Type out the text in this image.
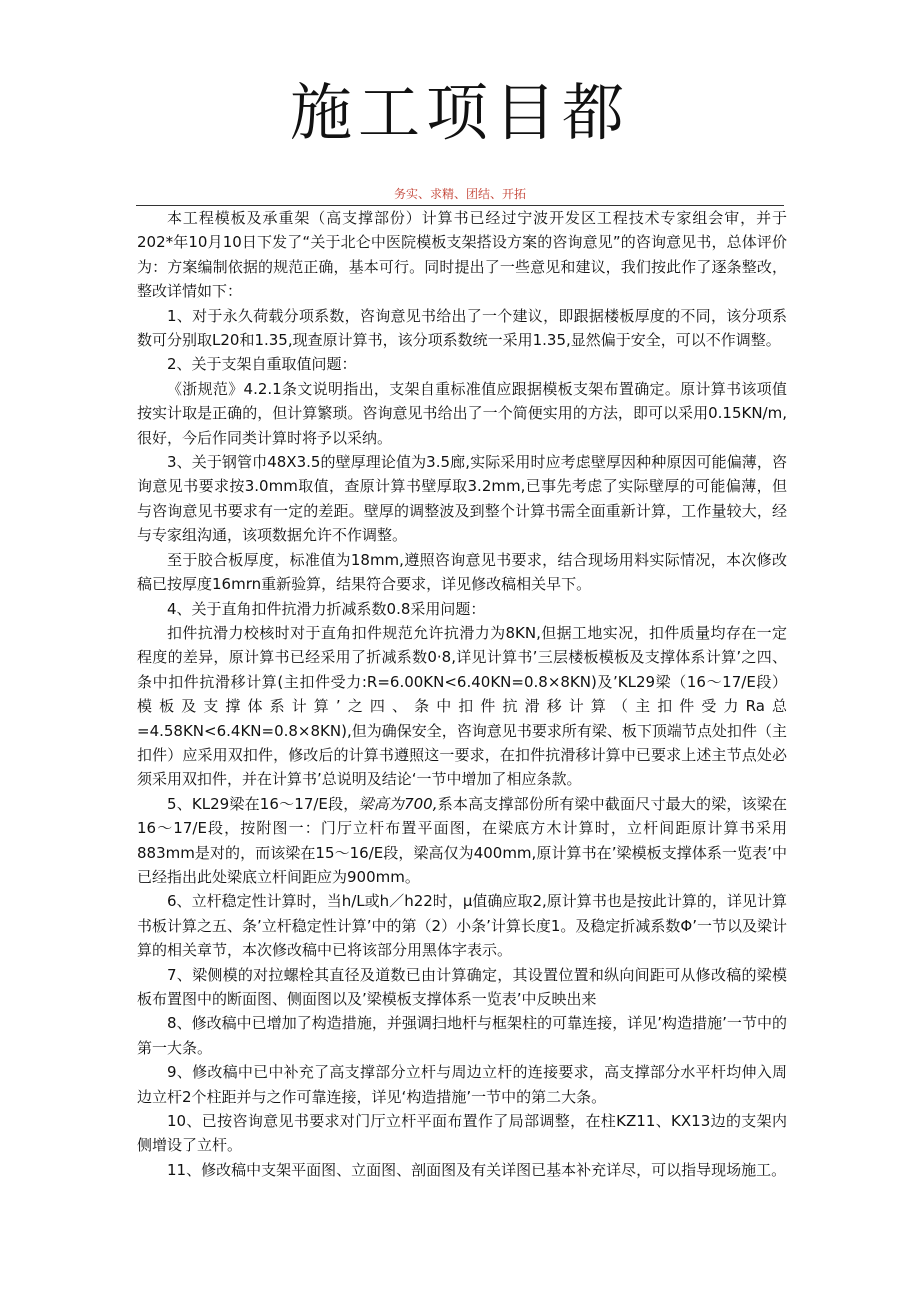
施工项目都
务实、求精、团结、开拓

本工程模板及承重架（高支撑部份）计算书已经过宁波开发区工程技术专家组会审，并于202*年10月10日下发了“关于北仑中医院模板支架搭设方案的咨询意见”的咨询意见书，总体评价为：方案编制依据的规范正确，基本可行。同时提出了一些意见和建议，我们按此作了逐条整改，整改详情如下：

1、对于永久荷载分项系数，咨询意见书给出了一个建议，即跟据楼板厚度的不同，该分项系数可分别取L20和1.35,现查原计算书，该分项系数统一采用1.35,显然偏于安全，可以不作调整。

2、关于支架自重取值问题：

《浙规范》4.2.1条文说明指出，支架自重标准值应跟据模板支架布置确定。原计算书该项值按实计取是正确的，但计算繁琐。咨询意见书给出了一个简便实用的方法，即可以采用0.15KN/m,很好，今后作同类计算时将予以采纳。

3、关于钢管巾48X3.5的壁厚理论值为3.5廊,实际采用时应考虑壁厚因种种原因可能偏薄，咨询意见书要求按3.0mm取值，查原计算书壁厚取3.2mm,已事先考虑了实际壁厚的可能偏薄，但与咨询意见书要求有一定的差距。壁厚的调整波及到整个计算书需全面重新计算，工作量较大，经与专家组沟通，该项数据允许不作调整。

至于胶合板厚度，标准值为18mm,遵照咨询意见书要求，结合现场用料实际情况，本次修改稿已按厚度16mrn重新验算，结果符合要求，详见修改稿相关早下。

4、关于直角扣件抗滑力折减系数0.8采用问题：

扣件抗滑力校核时对于直角扣件规范允许抗滑力为8KN,但据工地实况，扣件质量均存在一定程度的差异，原计算书已经采用了折减系数0·8,详见计算书’三层楼板模板及支撑体系计算’之四、条中扣件抗滑移计算(主扣件受力:R=6.00KN<6.40KN=0.8×8KN)及’KL29梁（16～17/E段）模板及支撑体系计算’之四、条中扣件抗滑移计算（主扣件受力Ra总=4.58KN<6.4KN=0.8×8KN),但为确保安全，咨询意见书要求所有梁、板下顶端节点处扣件（主扣件）应采用双扣件，修改后的计算书遵照这一要求，在扣件抗滑移计算中已要求上述主节点处必须采用双扣件，并在计算书’总说明及结论‘一节中增加了相应条款。

5、KL29梁在16～17/E段，梁高为700,系本高支撑部份所有梁中截面尺寸最大的梁，该梁在16～17/E段，按附图一：门厅立杆布置平面图，在梁底方木计算时，立杆间距原计算书采用883mm是对的，而该梁在15～16/E段，梁高仅为400mm,原计算书在’梁模板支撑体系一览表’中已经指出此处梁底立杆间距应为900mm。

6、立杆稳定性计算时，当h/L或h／h22时，μ值确应取2,原计算书也是按此计算的，详见计算书板计算之五、条’立杆稳定性计算’中的第（2）小条’计算长度1。及稳定折减系数Φ’一节以及梁计算的相关章节，本次修改稿中已将该部分用黑体字表示。

7、梁侧模的对拉螺栓其直径及道数已由计算确定，其设置位置和纵向间距可从修改稿的梁模板布置图中的断面图、侧面图以及’梁模板支撑体系一览表’中反映出来

8、修改稿中已增加了构造措施，并强调扫地杆与框架柱的可靠连接，详见’构造措施’一节中的第一大条。

9、修改稿中已中补充了高支撑部分立杆与周边立杆的连接要求，高支撑部分水平杆均伸入周边立杆2个柱距并与之作可靠连接，详见‘构造措施’一节中的第二大条。

10、已按咨询意见书要求对门厅立杆平面布置作了局部调整，在柱KZ11、KX13边的支架内侧增设了立杆。

11、修改稿中支架平面图、立面图、剖面图及有关详图已基本补充详尽，可以指导现场施工。
